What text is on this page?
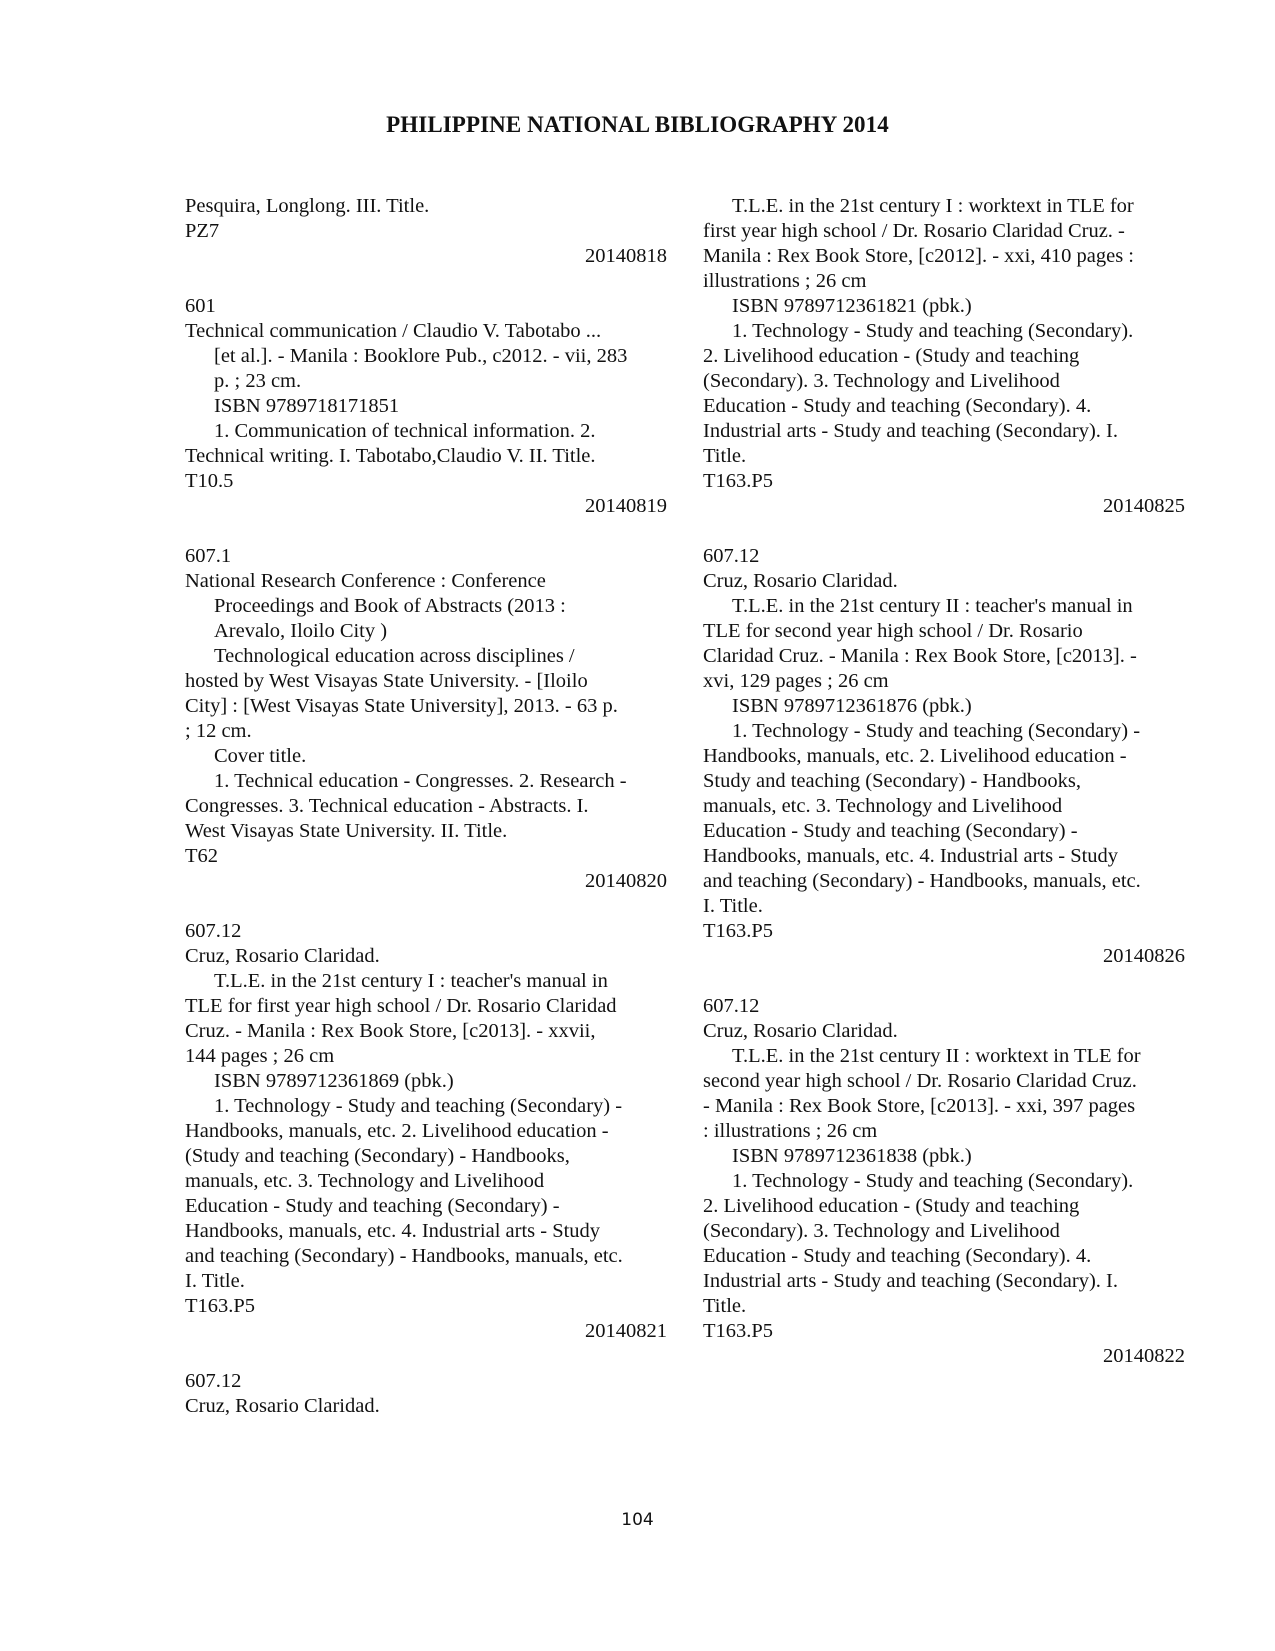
PHILIPPINE NATIONAL BIBLIOGRAPHY 2014
Pesquira, Longlong. III. Title.
PZ7
20140818
601
Technical communication / Claudio V. Tabotabo ...
[et al.]. - Manila : Booklore Pub., c2012. - vii, 283
p. ; 23 cm.
ISBN 9789718171851
1. Communication of technical information. 2.
Technical writing. I. Tabotabo,Claudio V. II. Title.
T10.5
20140819
607.1
National Research Conference : Conference
Proceedings and Book of Abstracts (2013 :
Arevalo, Iloilo City )
Technological education across disciplines /
hosted by West Visayas State University. - [Iloilo
City] : [West Visayas State University], 2013. - 63 p.
; 12 cm.
Cover title.
1. Technical education - Congresses. 2. Research -
Congresses. 3. Technical education - Abstracts. I.
West Visayas State University. II. Title.
T62
20140820
607.12
Cruz, Rosario Claridad.
T.L.E. in the 21st century I : teacher's manual in
TLE for first year high school / Dr. Rosario Claridad
Cruz. - Manila : Rex Book Store, [c2013]. - xxvii,
144 pages ; 26 cm
ISBN 9789712361869 (pbk.)
1. Technology - Study and teaching (Secondary) -
Handbooks, manuals, etc. 2. Livelihood education -
(Study and teaching (Secondary) - Handbooks,
manuals, etc. 3. Technology and Livelihood
Education - Study and teaching (Secondary) -
Handbooks, manuals, etc. 4. Industrial arts - Study
and teaching (Secondary) - Handbooks, manuals, etc.
I. Title.
T163.P5
20140821
607.12
Cruz, Rosario Claridad.
T.L.E. in the 21st century I : worktext in TLE for
first year high school / Dr. Rosario Claridad Cruz. -
Manila : Rex Book Store, [c2012]. - xxi, 410 pages :
illustrations ; 26 cm
ISBN 9789712361821 (pbk.)
1. Technology - Study and teaching (Secondary).
2. Livelihood education - (Study and teaching
(Secondary). 3. Technology and Livelihood
Education - Study and teaching (Secondary). 4.
Industrial arts - Study and teaching (Secondary). I.
Title.
T163.P5
20140825
607.12
Cruz, Rosario Claridad.
T.L.E. in the 21st century II : teacher's manual in
TLE for second year high school / Dr. Rosario
Claridad Cruz. - Manila : Rex Book Store, [c2013]. -
xvi, 129 pages ; 26 cm
ISBN 9789712361876 (pbk.)
1. Technology - Study and teaching (Secondary) -
Handbooks, manuals, etc. 2. Livelihood education -
Study and teaching (Secondary) - Handbooks,
manuals, etc. 3. Technology and Livelihood
Education - Study and teaching (Secondary) -
Handbooks, manuals, etc. 4. Industrial arts - Study
and teaching (Secondary) - Handbooks, manuals, etc.
I. Title.
T163.P5
20140826
607.12
Cruz, Rosario Claridad.
T.L.E. in the 21st century II : worktext in TLE for
second year high school / Dr. Rosario Claridad Cruz.
- Manila : Rex Book Store, [c2013]. - xxi, 397 pages
: illustrations ; 26 cm
ISBN 9789712361838 (pbk.)
1. Technology - Study and teaching (Secondary).
2. Livelihood education - (Study and teaching
(Secondary). 3. Technology and Livelihood
Education - Study and teaching (Secondary). 4.
Industrial arts - Study and teaching (Secondary). I.
Title.
T163.P5
20140822
104
